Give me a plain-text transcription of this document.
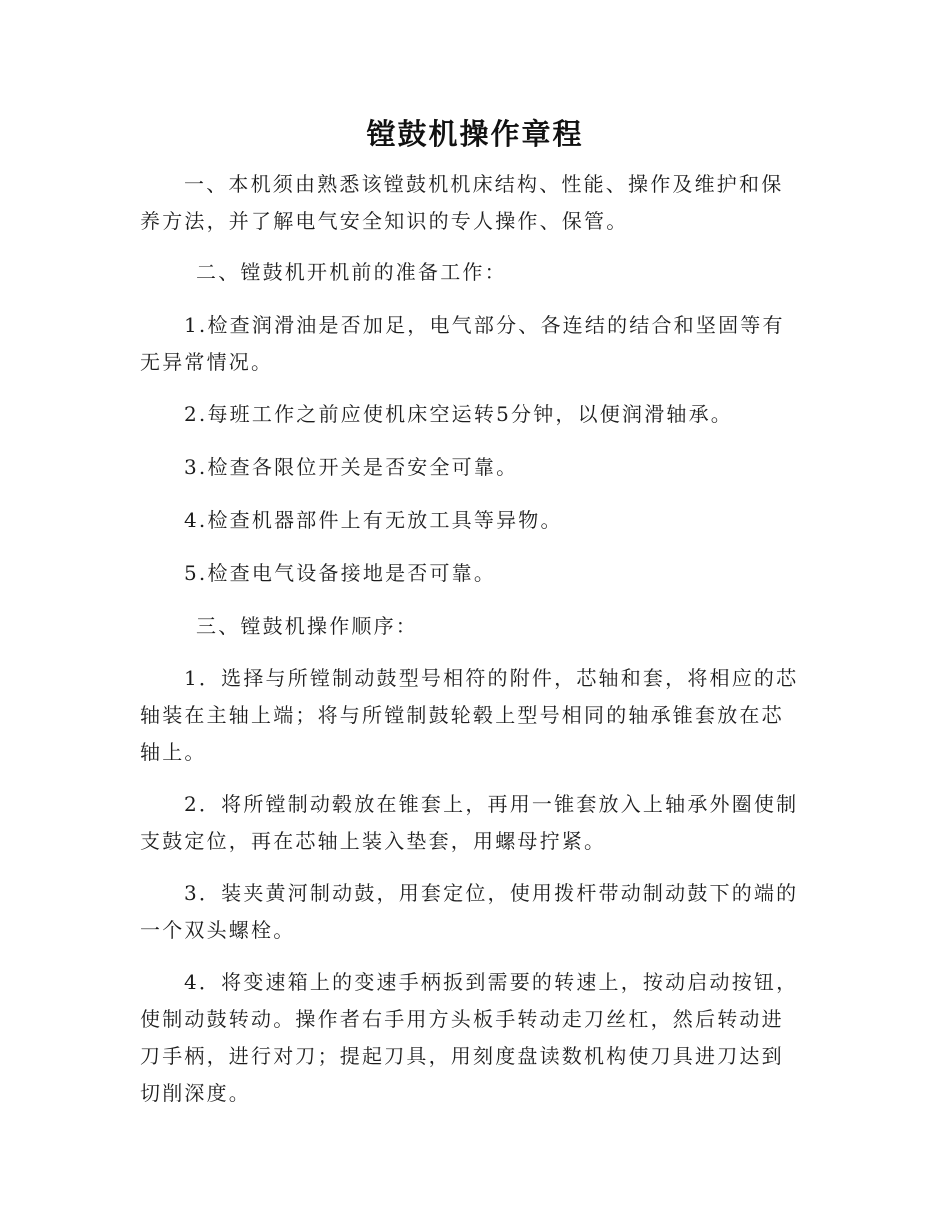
镗鼓机操作章程

一、本机须由熟悉该镗鼓机机床结构、性能、操作及维护和保养方法，并了解电气安全知识的专人操作、保管。

二、镗鼓机开机前的准备工作：

1.检查润滑油是否加足，电气部分、各连结的结合和坚固等有无异常情况。

2.每班工作之前应使机床空运转5分钟，以便润滑轴承。

3.检查各限位开关是否安全可靠。

4.检查机器部件上有无放工具等异物。

5.检查电气设备接地是否可靠。

三、镗鼓机操作顺序：

1．选择与所镗制动鼓型号相符的附件，芯轴和套，将相应的芯轴装在主轴上端；将与所镗制鼓轮毂上型号相同的轴承锥套放在芯轴上。

2．将所镗制动毂放在锥套上，再用一锥套放入上轴承外圈使制支鼓定位，再在芯轴上装入垫套，用螺母拧紧。

3．装夹黄河制动鼓，用套定位，使用拨杆带动制动鼓下的端的一个双头螺栓。

4．将变速箱上的变速手柄扳到需要的转速上，按动启动按钮，使制动鼓转动。操作者右手用方头板手转动走刀丝杠，然后转动进刀手柄，进行对刀；提起刀具，用刻度盘读数机构使刀具进刀达到切削深度。
